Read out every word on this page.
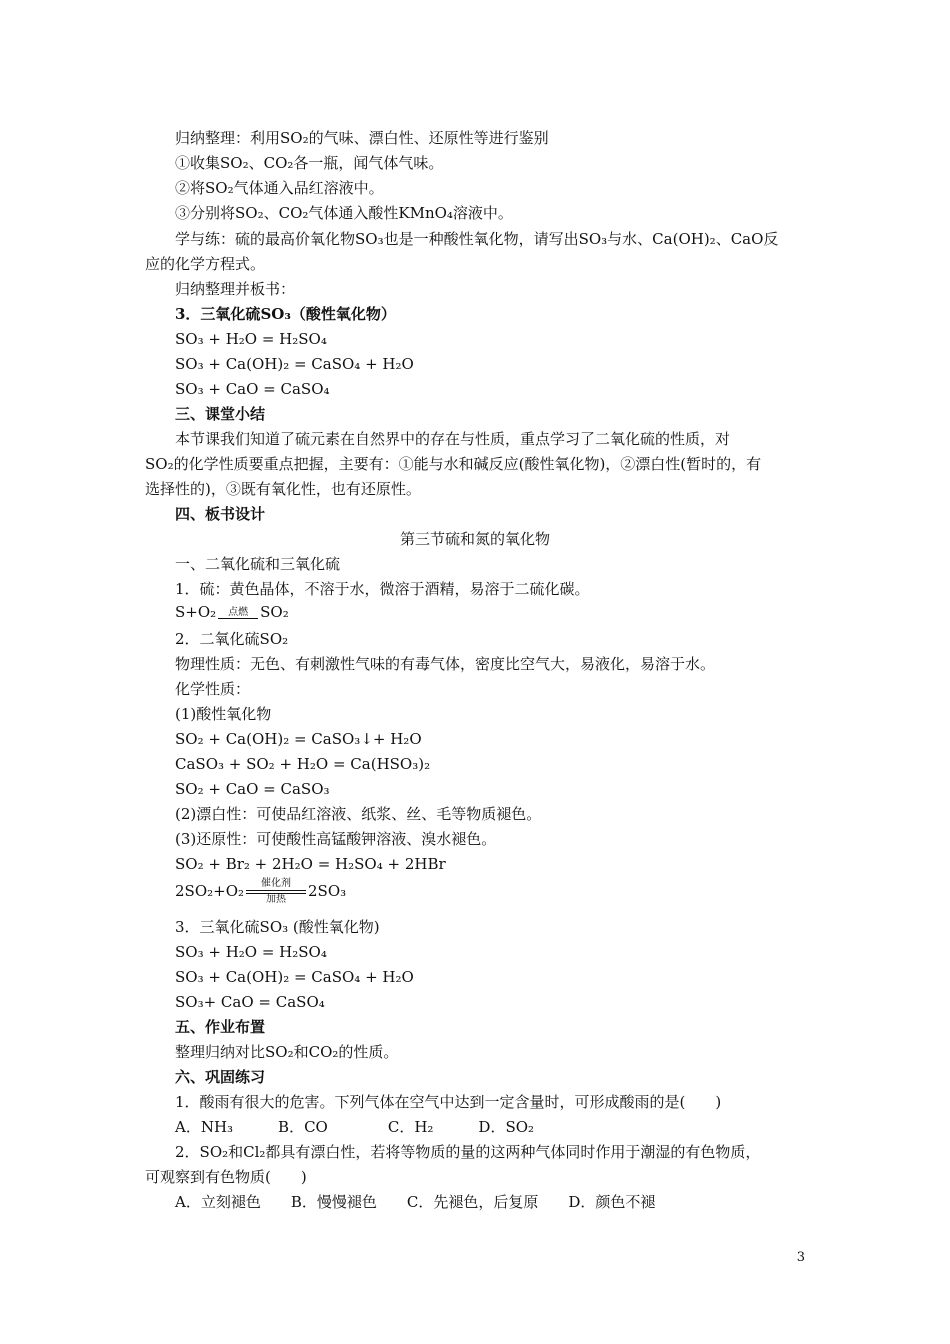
归纳整理：利用SO₂的气味、漂白性、还原性等进行鉴别
①收集SO₂、CO₂各一瓶，闻气体气味。
②将SO₂气体通入品红溶液中。
③分别将SO₂、CO₂气体通入酸性KMnO₄溶液中。
学与练：硫的最高价氧化物SO₃也是一种酸性氧化物，请写出SO₃与水、Ca(OH)₂、CaO反
应的化学方程式。
归纳整理并板书：
3．三氧化硫SO₃（酸性氧化物）
SO₃ + H₂O = H₂SO₄
SO₃ + Ca(OH)₂ = CaSO₄ + H₂O
SO₃ + CaO = CaSO₄
三、课堂小结
本节课我们知道了硫元素在自然界中的存在与性质，重点学习了二氧化硫的性质，对
SO₂的化学性质要重点把握，主要有：①能与水和碱反应(酸性氧化物)，②漂白性(暂时的，有
选择性的)，③既有氧化性，也有还原性。
四、板书设计
一、二氧化硫和三氧化硫
1．硫：黄色晶体，不溶于水，微溶于酒精，易溶于二硫化碳。
2．二氧化硫SO₂
物理性质：无色、有刺激性气味的有毒气体，密度比空气大，易液化，易溶于水。
化学性质：
(1)酸性氧化物
SO₂ + Ca(OH)₂ = CaSO₃↓+ H₂O
CaSO₃ + SO₂ + H₂O = Ca(HSO₃)₂
SO₂ + CaO = CaSO₃
(2)漂白性：可使品红溶液、纸浆、丝、毛等物质褪色。
(3)还原性：可使酸性高锰酸钾溶液、溴水褪色。
SO₂ + Br₂ + 2H₂O = H₂SO₄ + 2HBr
3．三氧化硫SO₃ (酸性氧化物)
SO₃ + H₂O = H₂SO₄
SO₃ + Ca(OH)₂ = CaSO₄ + H₂O
SO₃+ CaO = CaSO₄
五、作业布置
整理归纳对比SO₂和CO₂的性质。
六、巩固练习
1．酸雨有很大的危害。下列气体在空气中达到一定含量时，可形成酸雨的是(　　)
A．NH₃　　　B．CO　　　　C．H₂　　　D．SO₂
2．SO₂和Cl₂都具有漂白性，若将等物质的量的这两种气体同时作用于潮湿的有色物质，
可观察到有色物质(　　)
A．立刻褪色　　B．慢慢褪色　　C．先褪色，后复原　　D．颜色不褪
第三节硫和氮的氧化物
S+O₂	点燃 SO₂
2SO₂+O₂	催化剂
加热	2SO₃
3
